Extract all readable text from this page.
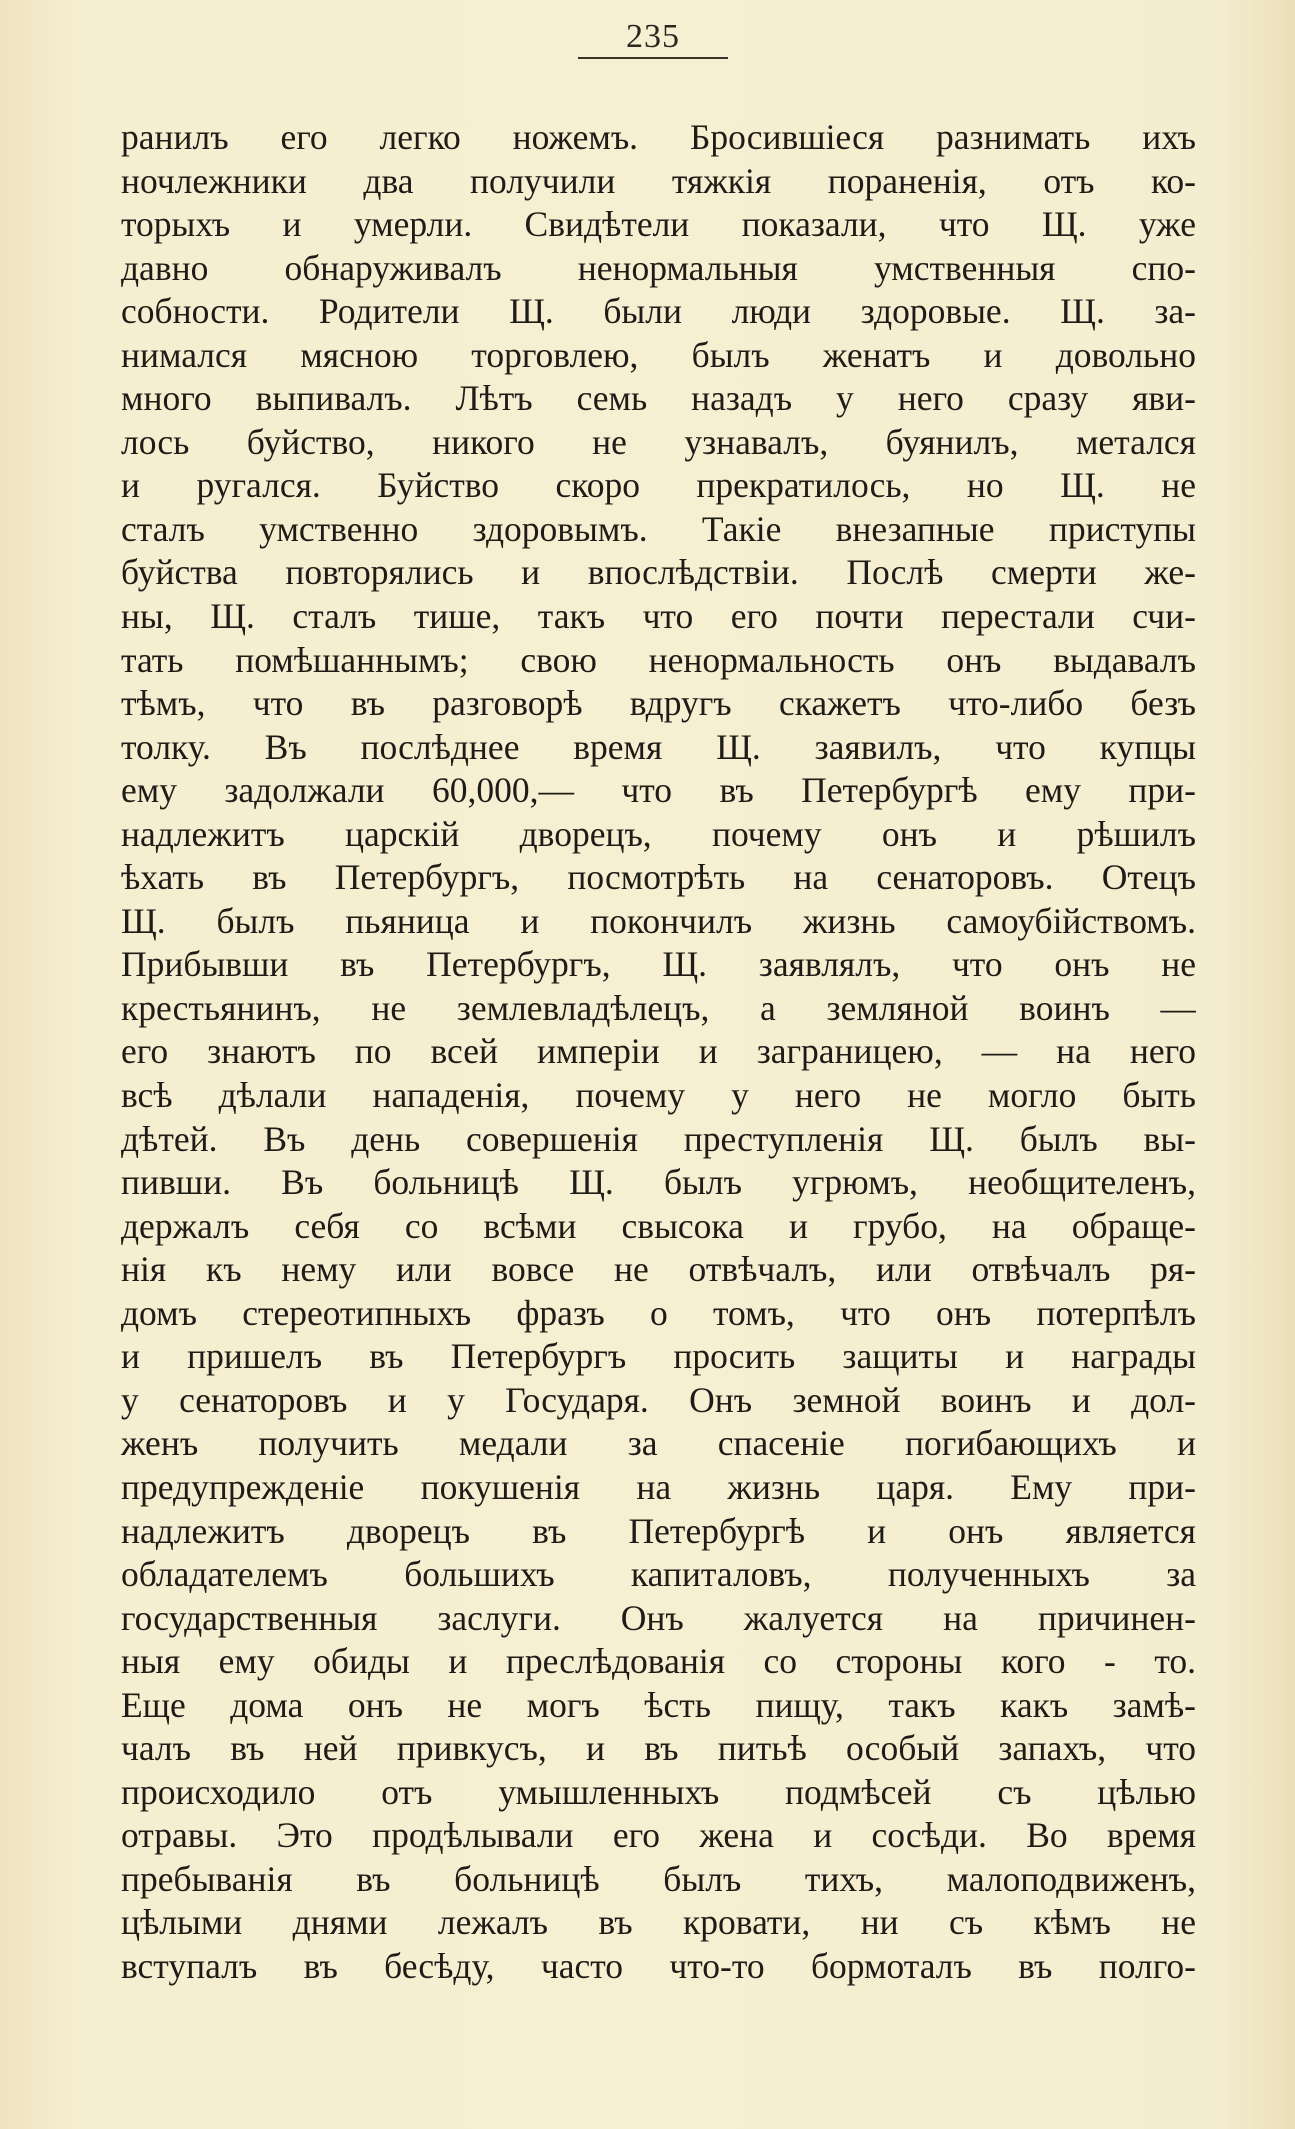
235
ранилъ его легко ножемъ. Бросившіеся разнимать ихъ
ночлежники два получили тяжкія пораненія, отъ ко-
торыхъ и умерли. Свидѣтели показали, что Щ. уже
давно обнаруживалъ ненормальныя умственныя спо-
собности. Родители Щ. были люди здоровые. Щ. за-
нимался мясною торговлею, былъ женатъ и довольно
много выпивалъ. Лѣтъ семь назадъ у него сразу яви-
лось буйство, никого не узнавалъ, буянилъ, метался
и ругался. Буйство скоро прекратилось, но Щ. не
сталъ умственно здоровымъ. Такіе внезапные приступы
буйства повторялись и впослѣдствіи. Послѣ смерти же-
ны, Щ. сталъ тише, такъ что его почти перестали счи-
тать помѣшаннымъ; свою ненормальность онъ выдавалъ
тѣмъ, что въ разговорѣ вдругъ скажетъ что-либо безъ
толку. Въ послѣднее время Щ. заявилъ, что купцы
ему задолжали 60,000,— что въ Петербургѣ ему при-
надлежитъ царскій дворецъ, почему онъ и рѣшилъ
ѣхать въ Петербургъ, посмотрѣть на сенаторовъ. Отецъ
Щ. былъ пьяница и покончилъ жизнь самоубійствомъ.
Прибывши въ Петербургъ, Щ. заявлялъ, что онъ не
крестьянинъ, не землевладѣлецъ, а земляной воинъ —
его знаютъ по всей имперіи и заграницею, — на него
всѣ дѣлали нападенія, почему у него не могло быть
дѣтей. Въ день совершенія преступленія Щ. былъ вы-
пивши. Въ больницѣ Щ. былъ угрюмъ, необщителенъ,
держалъ себя со всѣми свысока и грубо, на обраще-
нія къ нему или вовсе не отвѣчалъ, или отвѣчалъ ря-
домъ стереотипныхъ фразъ о томъ, что онъ потерпѣлъ
и пришелъ въ Петербургъ просить защиты и награды
у сенаторовъ и у Государя. Онъ земной воинъ и дол-
женъ получить медали за спасеніе погибающихъ и
предупрежденіе покушенія на жизнь царя. Ему при-
надлежитъ дворецъ въ Петербургѣ и онъ является
обладателемъ большихъ капиталовъ, полученныхъ за
государственныя заслуги. Онъ жалуется на причинен-
ныя ему обиды и преслѣдованія со стороны кого - то.
Еще дома онъ не могъ ѣсть пищу, такъ какъ замѣ-
чалъ въ ней привкусъ, и въ питьѣ особый запахъ, что
происходило отъ умышленныхъ подмѣсей съ цѣлью
отравы. Это продѣлывали его жена и сосѣди. Во время
пребыванія въ больницѣ былъ тихъ, малоподвиженъ,
цѣлыми днями лежалъ въ кровати, ни съ кѣмъ не
вступалъ въ бесѣду, часто что-то бормоталъ въ полго-
